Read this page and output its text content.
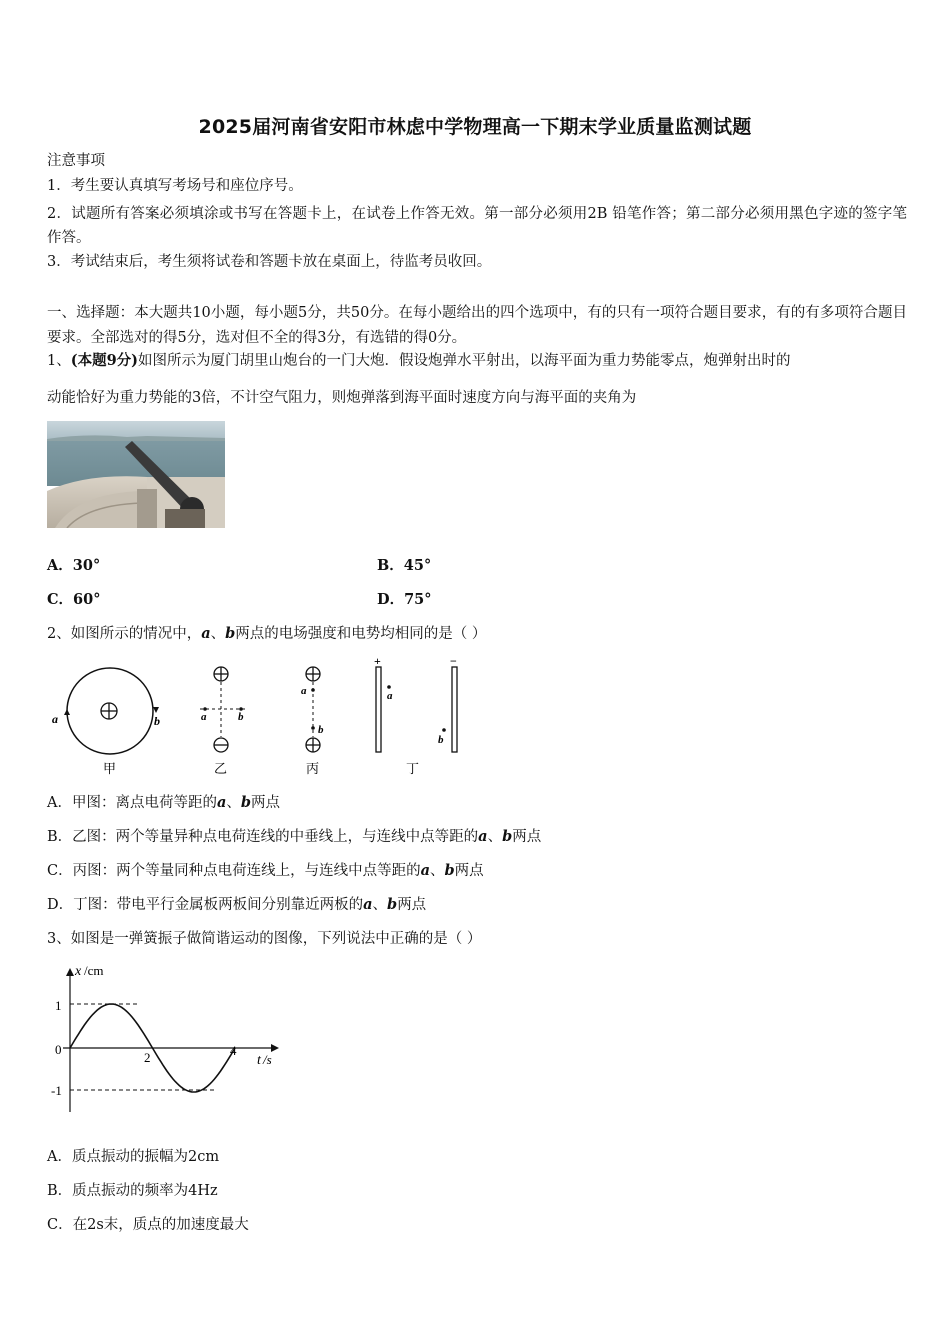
2025届河南省安阳市林虑中学物理高一下期末学业质量监测试题
注意事项
1．考生要认真填写考场号和座位序号。
2．试题所有答案必须填涂或书写在答题卡上，在试卷上作答无效。第一部分必须用2B 铅笔作答；第二部分必须用黑色字迹的签字笔作答。
3．考试结束后，考生须将试卷和答题卡放在桌面上，待监考员收回。
一、选择题：本大题共10小题，每小题5分，共50分。在每小题给出的四个选项中，有的只有一项符合题目要求，有的有多项符合题目要求。全部选对的得5分，选对但不全的得3分，有选错的得0分。
1、(本题9分)如图所示为厦门胡里山炮台的一门大炮．假设炮弹水平射出，以海平面为重力势能零点，炮弹射出时的
动能恰好为重力势能的3倍，不计空气阻力，则炮弹落到海平面时速度方向与海平面的夹角为
A．30°	B．45°
C．60°	D．75°
2、如图所示的情况中，a、b两点的电场强度和电势均相同的是（ ）
a	b
甲
a	b
乙
a
b
丙
+	−
a
b
丁
A．甲图：离点电荷等距的a、b两点
B．乙图：两个等量异种点电荷连线的中垂线上，与连线中点等距的a、b两点
C．丙图：两个等量同种点电荷连线上，与连线中点等距的a、b两点
D．丁图：带电平行金属板两板间分别靠近两板的a、b两点
3、如图是一弹簧振子做简谐运动的图像，下列说法中正确的是（ ）
x /cm
1
0
-1
2	4
t /s
A．质点振动的振幅为2cm
B．质点振动的频率为4Hz
C．在2s末，质点的加速度最大
